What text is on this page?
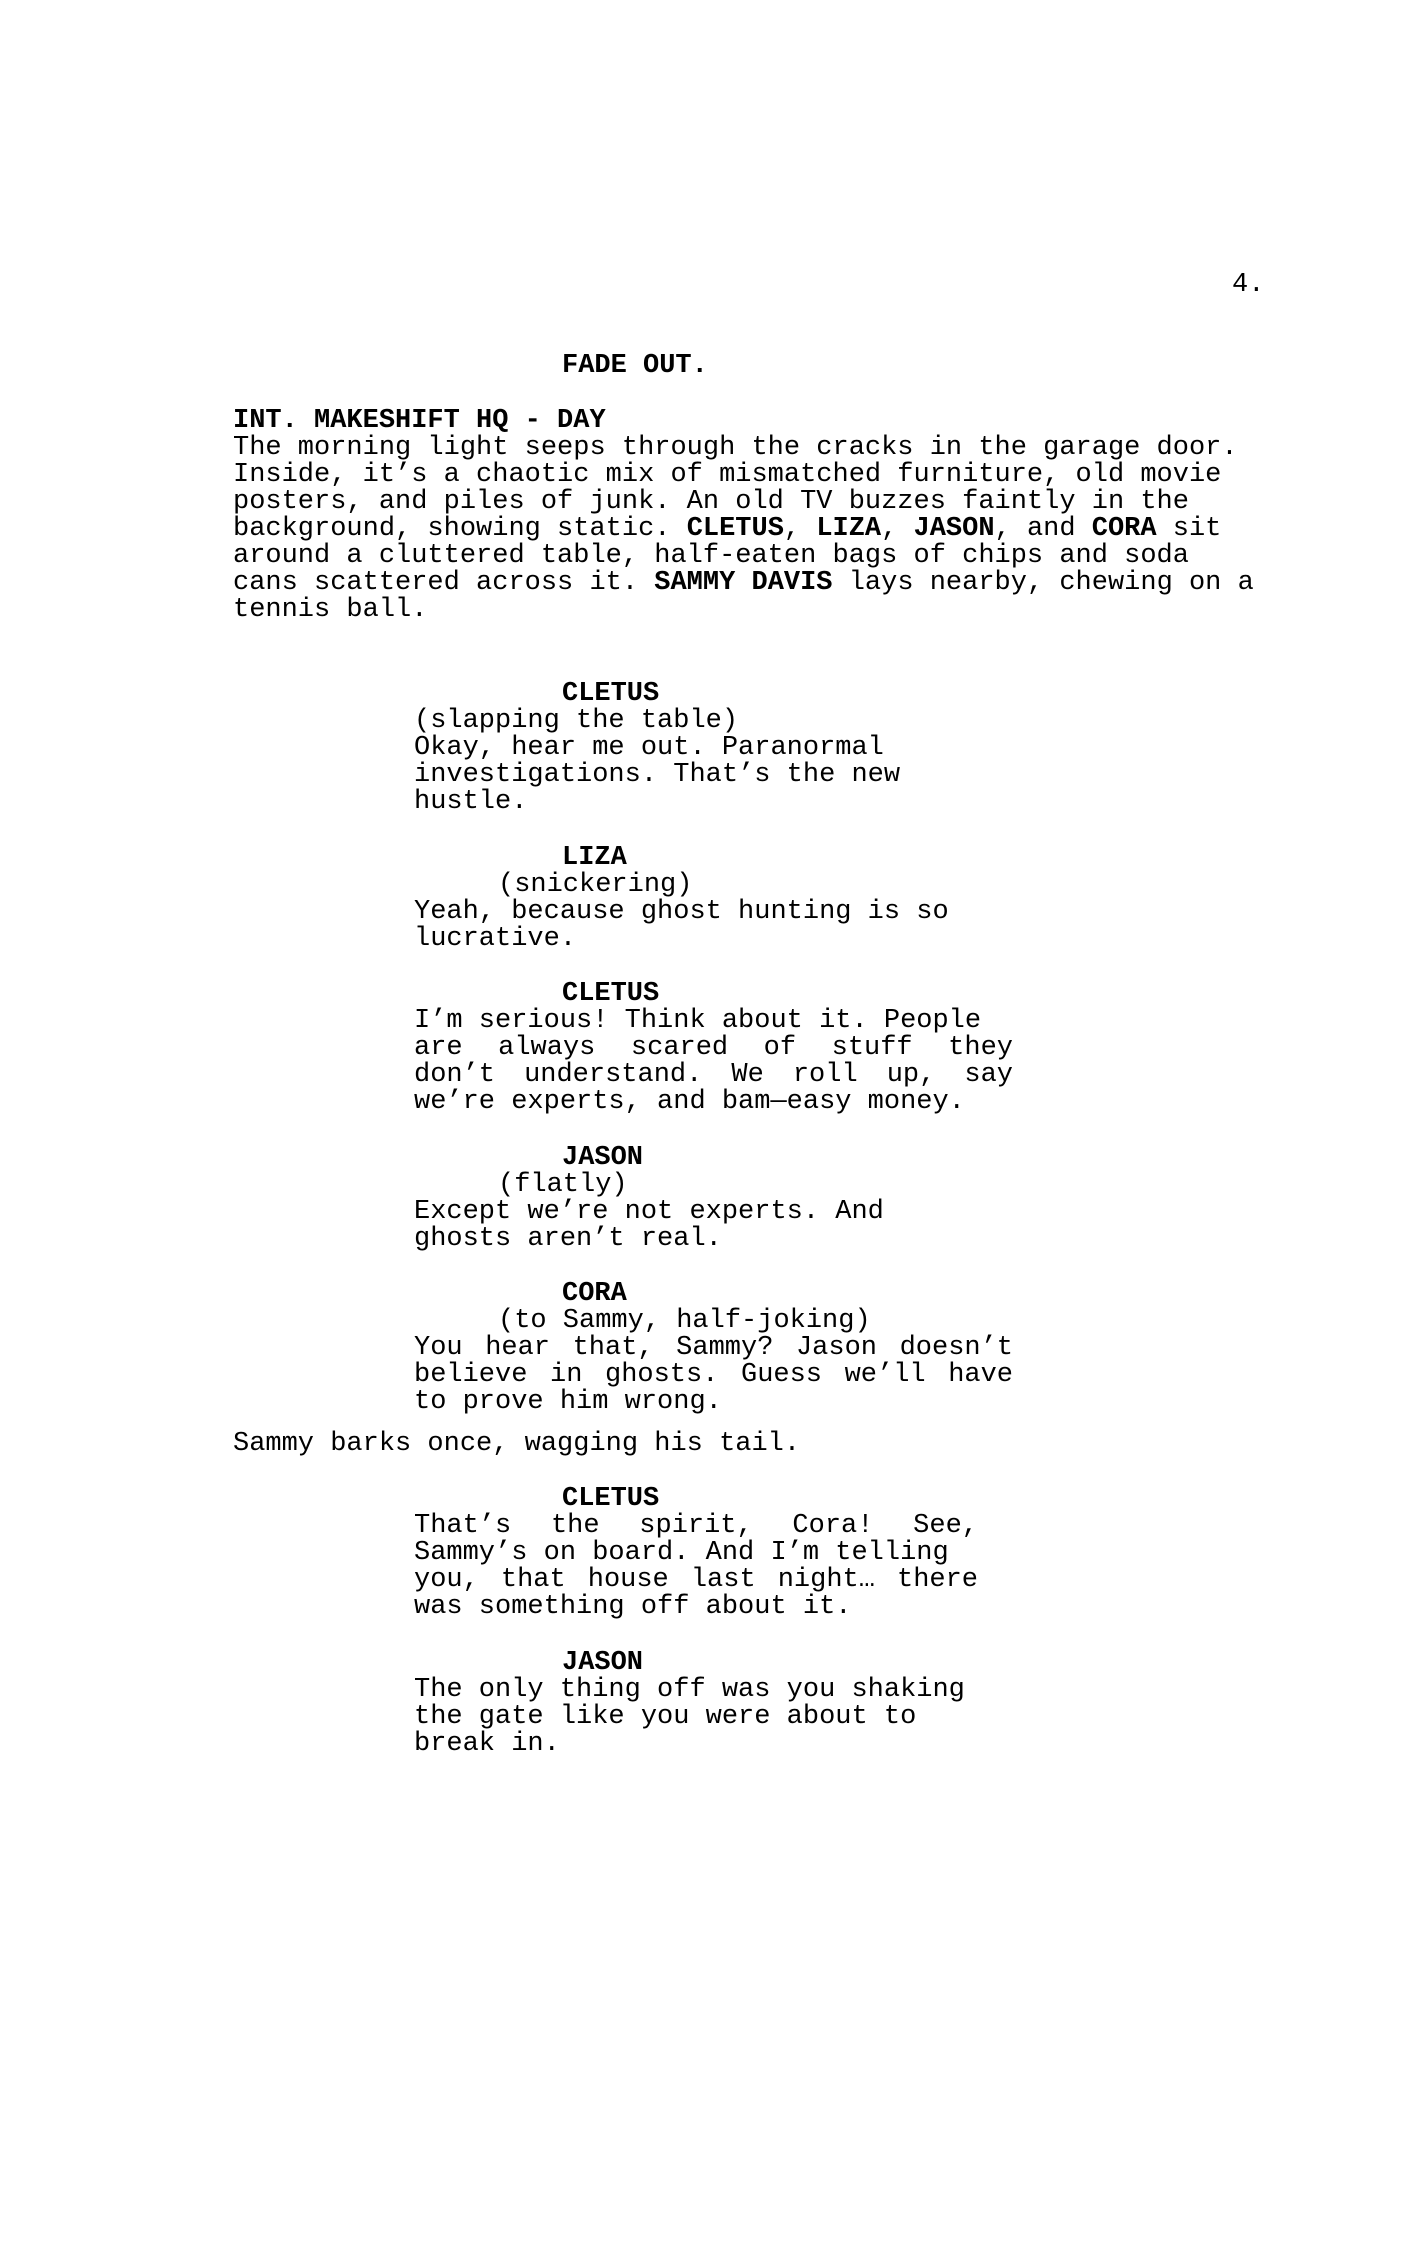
4.
FADE OUT.
INT. MAKESHIFT HQ - DAY
The morning light seeps through the cracks in the garage door.
Inside, it’s a chaotic mix of mismatched furniture, old movie
posters, and piles of junk. An old TV buzzes faintly in the
background, showing static. CLETUS, LIZA, JASON, and CORA sit
around a cluttered table, half-eaten bags of chips and soda
cans scattered across it. SAMMY DAVIS lays nearby, chewing on a
tennis ball.
CLETUS
(slapping the table)
Okay, hear me out. Paranormal
investigations. That’s the new
hustle.
LIZA
(snickering)
Yeah, because ghost hunting is so
lucrative.
CLETUS
I’m serious! Think about it. People
are always scared of stuff they
don’t understand. We roll up, say
we’re experts, and bam—easy money.
JASON
(flatly)
Except we’re not experts. And
ghosts aren’t real.
CORA
(to Sammy, half-joking)
You hear that, Sammy? Jason doesn’t
believe in ghosts. Guess we’ll have
to prove him wrong.
Sammy barks once, wagging his tail.
CLETUS
That’s the spirit, Cora! See,
Sammy’s on board. And I’m telling
you, that house last night… there
was something off about it.
JASON
The only thing off was you shaking
the gate like you were about to
break in.
